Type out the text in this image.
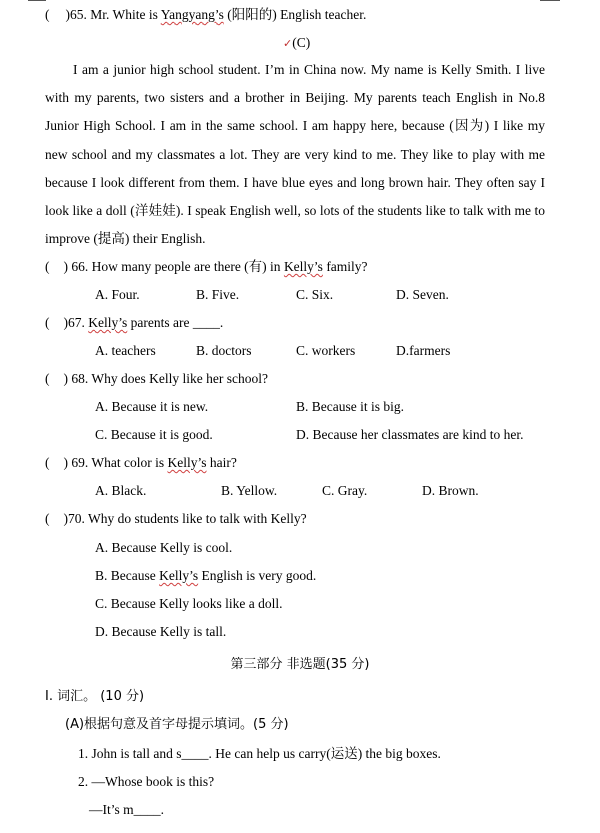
( )65. Mr. White is Yangyang’s (阳阳的) English teacher.
✓(C)
I am a junior high school student. I’m in China now. My name is Kelly Smith. I live with my parents, two sisters and a brother in Beijing. My parents teach English in No.8 Junior High School. I am in the same school. I am happy here, because (因为) I like my new school and my classmates a lot. They are very kind to me. They like to play with me because I look different from them. I have blue eyes and long brown hair. They often say I look like a doll (洋娃娃). I speak English well, so lots of the students like to talk with me to improve (提高) their English.
( ) 66. How many people are there (有) in Kelly’s family?
A. Four.	B. Five.	C. Six.	D. Seven.
( )67. Kelly’s parents are ____.
A. teachers	B. doctors	C. workers	D.farmers
( ) 68. Why does Kelly like her school?
A. Because it is new.	B. Because it is big.
C. Because it is good.	D. Because her classmates are kind to her.
( ) 69. What color is Kelly’s hair?
A. Black.	B. Yellow.	C. Gray.	D. Brown.
( )70. Why do students like to talk with Kelly?
A. Because Kelly is cool.
B. Because Kelly’s English is very good.
C. Because Kelly looks like a doll.
D. Because Kelly is tall.
第三部分 非选题(35 分)
Ⅰ. 词汇。 (10 分)
(A)根据句意及首字母提示填词。(5 分)
1. John is tall and s____. He can help us carry(运送) the big boxes.
2. —Whose book is this?
—It’s m____.
